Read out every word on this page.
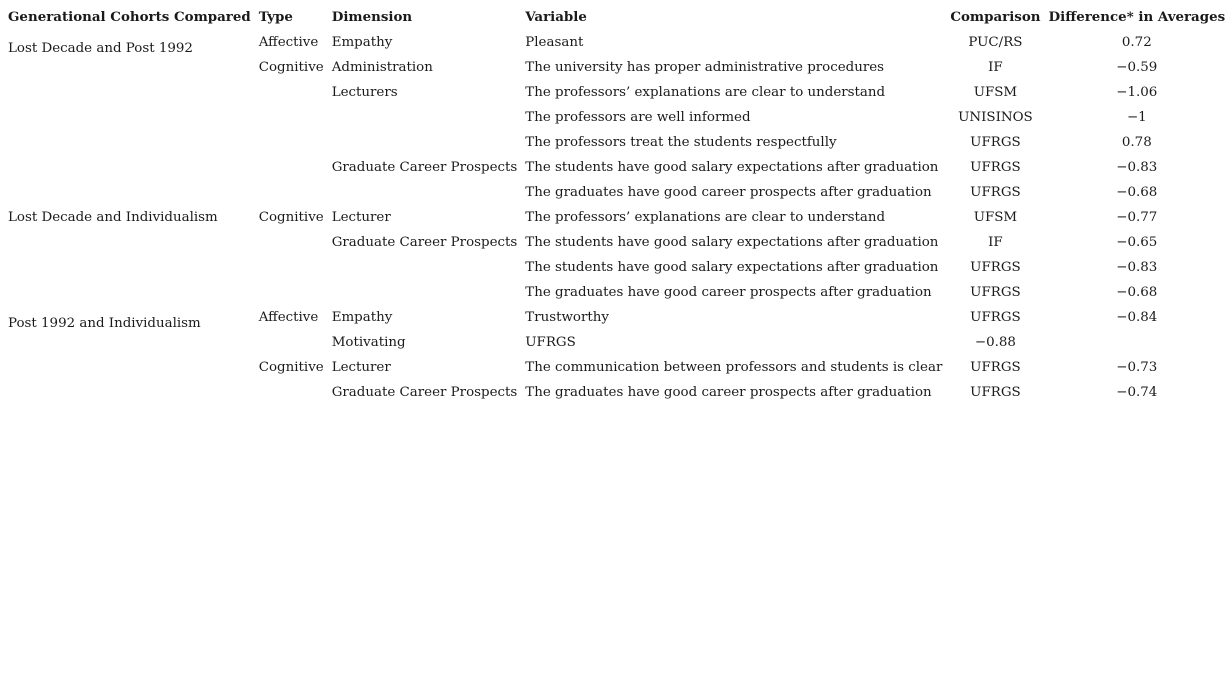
Generational Cohorts Compared	Type	Dimension	Variable	Comparison	Difference* in Averages

Lost Decade and Post 1992	Affective	Empathy	Pleasant	PUC/RS	0.72
	Cognitive	Administration	The university has proper administrative procedures	IF	−0.59
		Lecturers	The professors’ explanations are clear to understand	UFSM	−1.06
			The professors are well informed	UNISINOS	−1
			The professors treat the students respectfully	UFRGS	0.78
		Graduate Career Prospects	The students have good salary expectations after graduation	UFRGS	−0.83
			The graduates have good career prospects after graduation	UFRGS	−0.68

Lost Decade and Individualism	Cognitive	Lecturer	The professors’ explanations are clear to understand	UFSM	−0.77
		Graduate Career Prospects	The students have good salary expectations after graduation	IF	−0.65
			The students have good salary expectations after graduation	UFRGS	−0.83
			The graduates have good career prospects after graduation	UFRGS	−0.68

Post 1992 and Individualism	Affective	Empathy	Trustworthy	UFRGS	−0.84
		Motivating	UFRGS	−0.88	
	Cognitive	Lecturer	The communication between professors and students is clear	UFRGS	−0.73
		Graduate Career Prospects	The graduates have good career prospects after graduation	UFRGS	−0.74
